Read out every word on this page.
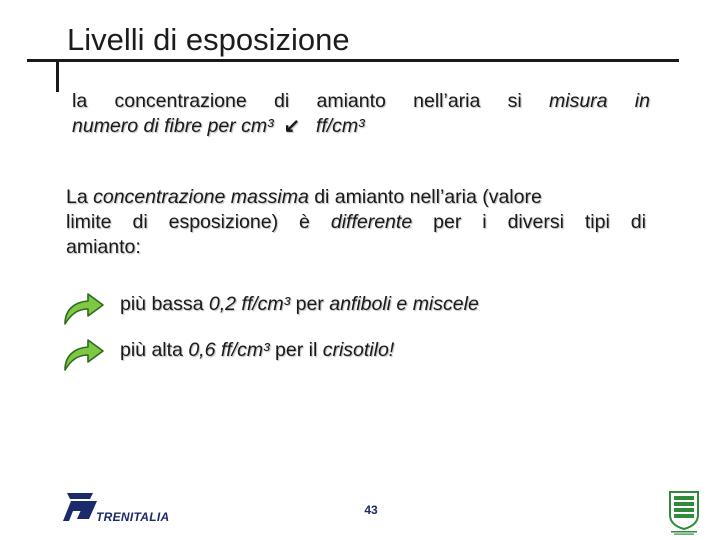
Livelli di esposizione
la concentrazione di amianto nell’aria si misura in
numero di fibre per cm³ ↙ ff/cm³
La concentrazione massima di amianto nell’aria (valore
limite di esposizione) è differente per i diversi tipi di
amianto:
più bassa 0,2 ff/cm³ per anfiboli e miscele
più alta 0,6 ff/cm³ per il crisotilo!
TRENITALIA	43
